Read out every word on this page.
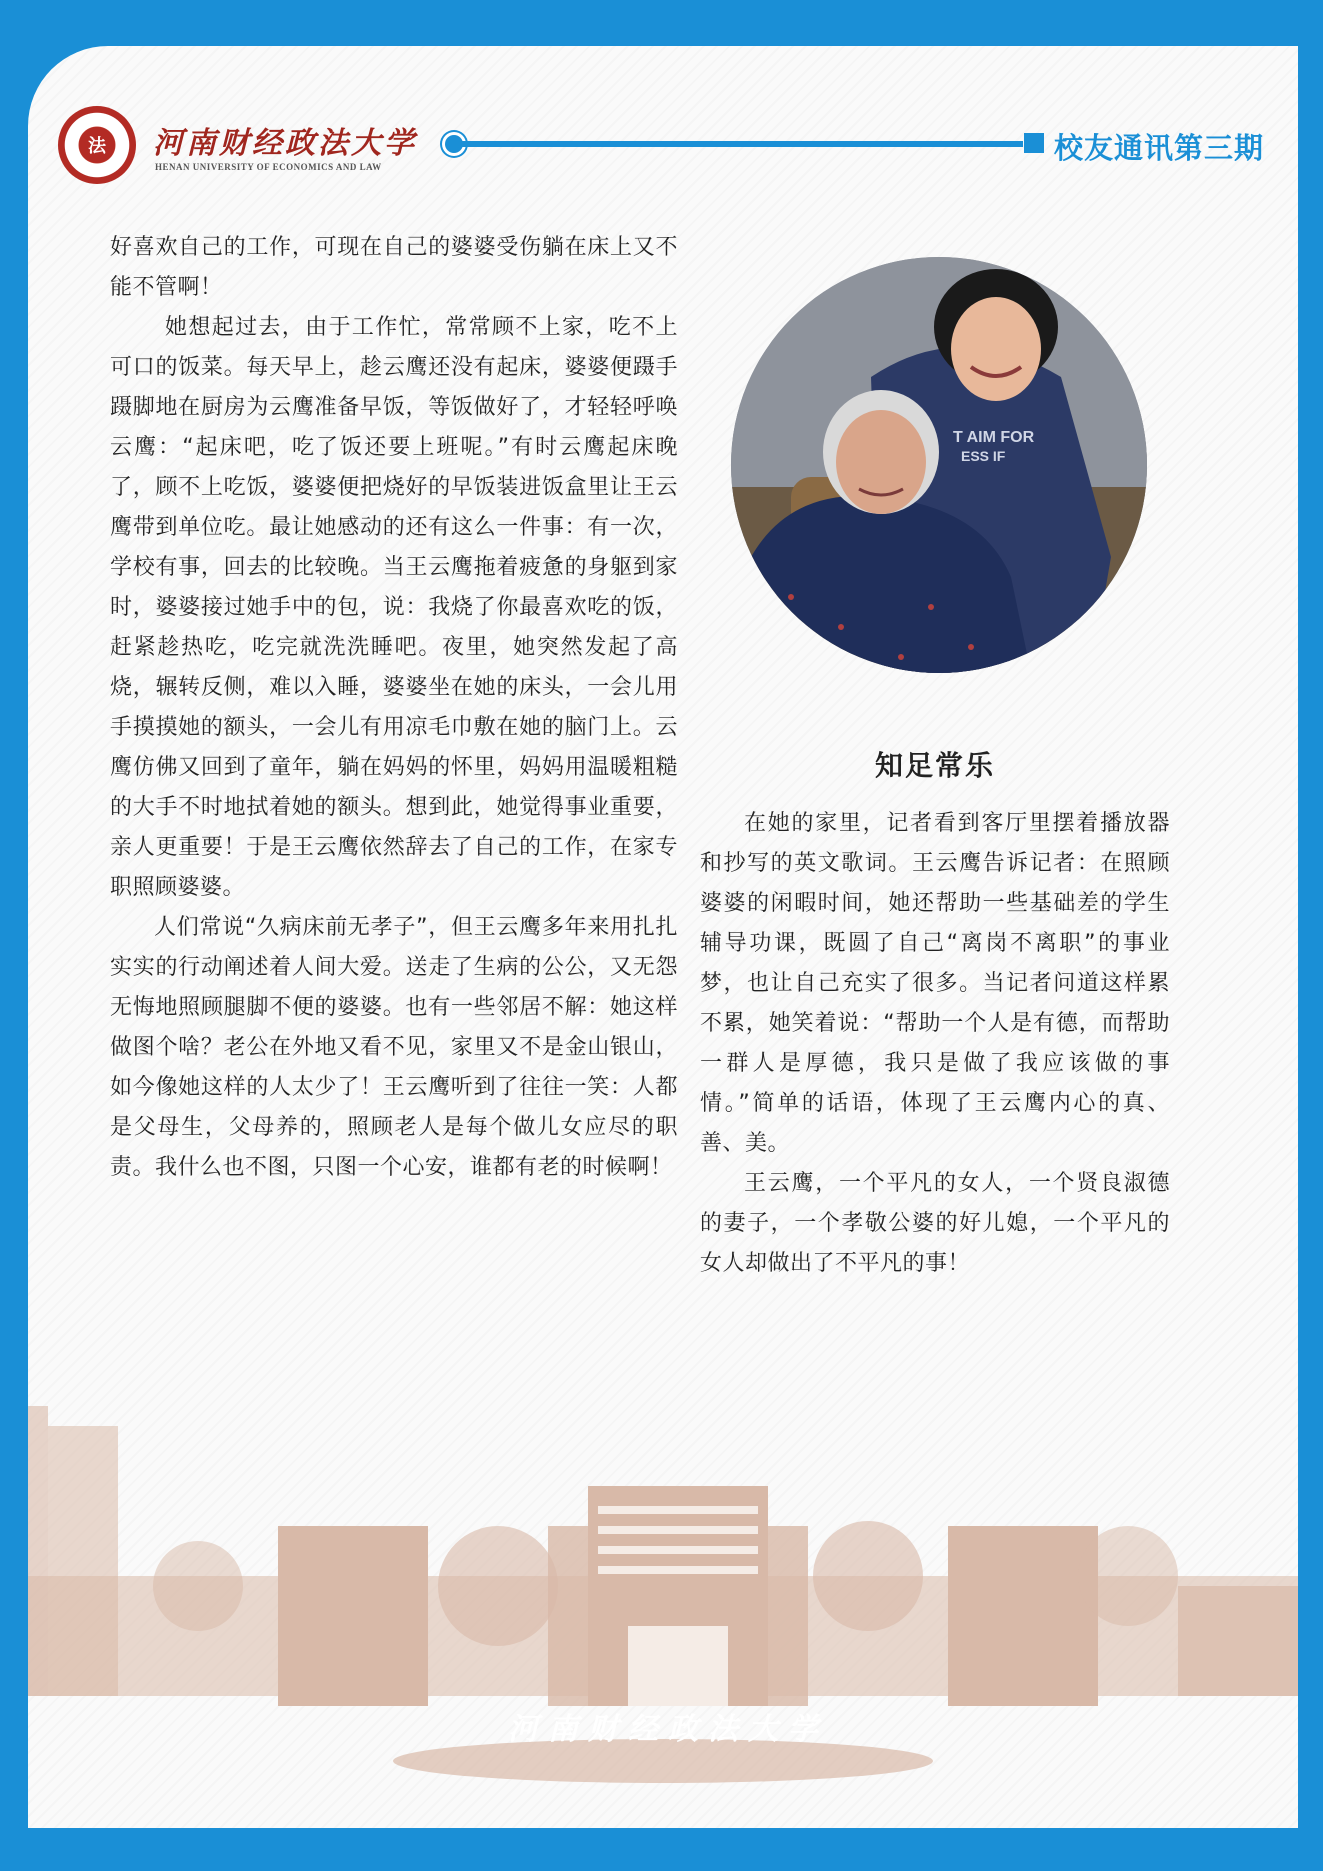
法	河南财经政法大学
HENAN UNIVERSITY OF ECONOMICS AND LAW
校友通讯第三期

好喜欢自己的工作，可现在自己的婆婆受伤躺在床上又不能不管啊！

她想起过去，由于工作忙，常常顾不上家，吃不上可口的饭菜。每天早上，趁云鹰还没有起床，婆婆便蹑手蹑脚地在厨房为云鹰准备早饭，等饭做好了，才轻轻呼唤云鹰：“起床吧，吃了饭还要上班呢。”有时云鹰起床晚了，顾不上吃饭，婆婆便把烧好的早饭装进饭盒里让王云鹰带到单位吃。最让她感动的还有这么一件事：有一次，学校有事，回去的比较晚。当王云鹰拖着疲惫的身躯到家时，婆婆接过她手中的包，说：我烧了你最喜欢吃的饭，赶紧趁热吃，吃完就洗洗睡吧。夜里，她突然发起了高烧，辗转反侧，难以入睡，婆婆坐在她的床头，一会儿用手摸摸她的额头，一会儿有用凉毛巾敷在她的脑门上。云鹰仿佛又回到了童年，躺在妈妈的怀里，妈妈用温暖粗糙的大手不时地拭着她的额头。想到此，她觉得事业重要，亲人更重要！于是王云鹰依然辞去了自己的工作，在家专职照顾婆婆。

人们常说“久病床前无孝子”，但王云鹰多年来用扎扎实实的行动阐述着人间大爱。送走了生病的公公，又无怨无悔地照顾腿脚不便的婆婆。也有一些邻居不解：她这样做图个啥？老公在外地又看不见，家里又不是金山银山，如今像她这样的人太少了！王云鹰听到了往往一笑：人都是父母生，父母养的，照顾老人是每个做儿女应尽的职责。我什么也不图，只图一个心安，谁都有老的时候啊！

T AIM FOR
ESS IF
知足常乐

在她的家里，记者看到客厅里摆着播放器和抄写的英文歌词。王云鹰告诉记者：在照顾婆婆的闲暇时间，她还帮助一些基础差的学生辅导功课，既圆了自己“离岗不离职”的事业梦，也让自己充实了很多。当记者问道这样累不累，她笑着说：“帮助一个人是有德，而帮助一群人是厚德，我只是做了我应该做的事情。”简单的话语，体现了王云鹰内心的真、善、美。

王云鹰，一个平凡的女人，一个贤良淑德的妻子，一个孝敬公婆的好儿媳，一个平凡的女人却做出了不平凡的事！

河南财经政法大学
